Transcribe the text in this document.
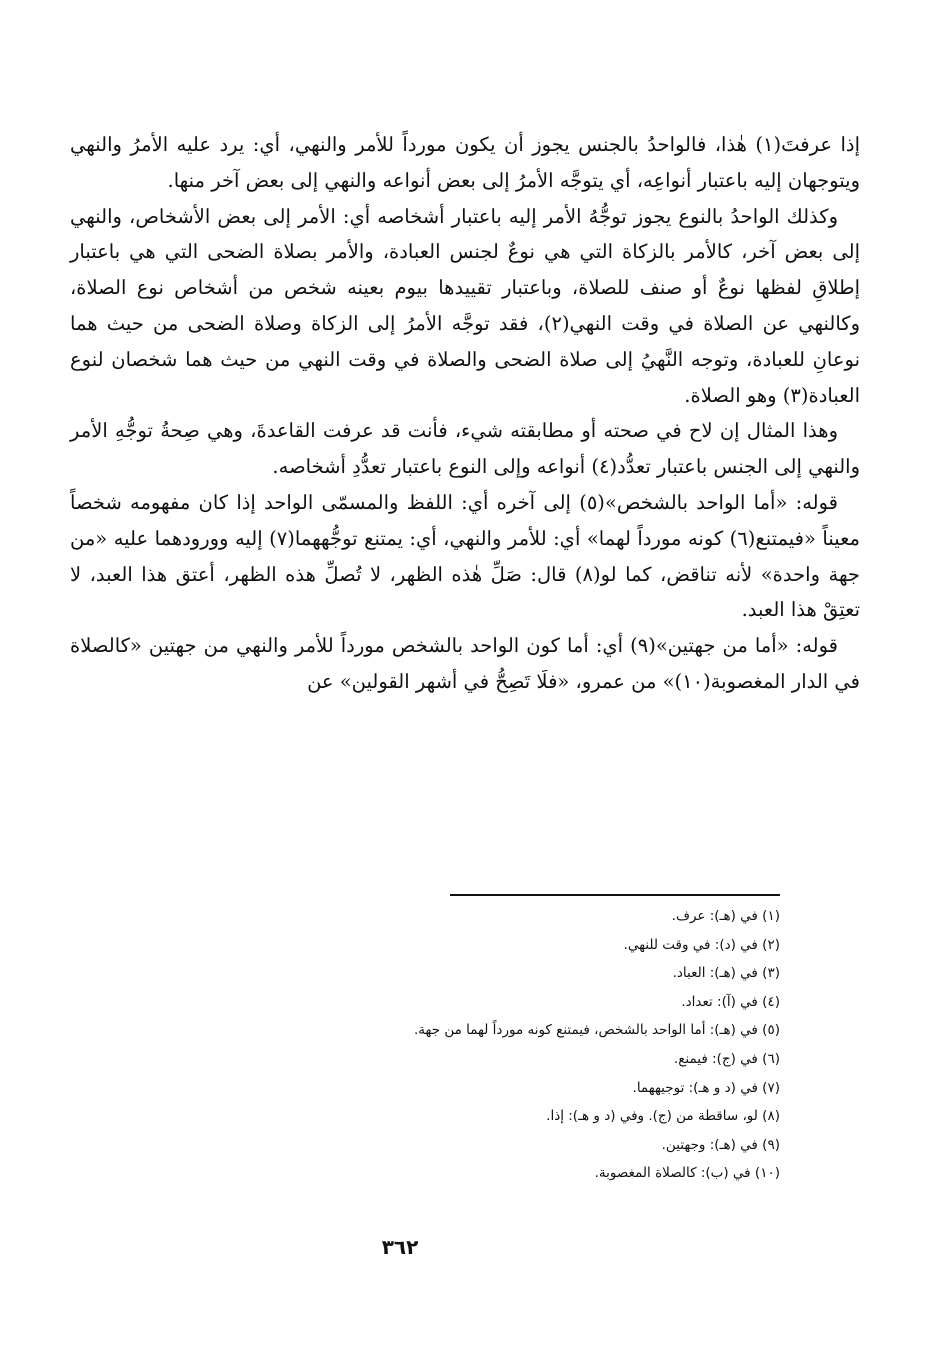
إذا عرفتَ(١) هٰذا، فالواحدُ بالجنس يجوز أن يكون مورداً للأمر والنهي، أي: يرد عليه الأمرُ والنهي ويتوجهان إليه باعتبار أنواعِه، أي يتوجَّه الأمرُ إلى بعض أنواعه والنهي إلى بعض آخر منها.

وكذلك الواحدُ بالنوع يجوز توجُّهُ الأمر إليه باعتبار أشخاصه أي: الأمر إلى بعض الأشخاص، والنهي إلى بعض آخر، كالأمر بالزكاة التي هي نوعٌ لجنس العبادة، والأمر بصلاة الضحى التي هي باعتبار إطلاقِ لفظها نوعٌ أو صنف للصلاة، وباعتبار تقييدها بيوم بعينه شخص من أشخاص نوع الصلاة، وكالنهي عن الصلاة في وقت النهي(٢)، فقد توجَّه الأمرُ إلى الزكاة وصلاة الضحى من حيث هما نوعانِ للعبادة، وتوجه النَّهيُ إلى صلاة الضحى والصلاة في وقت النهي من حيث هما شخصان لنوع العبادة(٣) وهو الصلاة.

وهذا المثال إن لاح في صحته أو مطابقته شيء، فأنت قد عرفت القاعدةَ، وهي صِحةُ توجُّهِ الأمر والنهي إلى الجنس باعتبار تعدُّد(٤) أنواعه وإلى النوع باعتبار تعدُّدِ أشخاصه.

قوله: «أما الواحد بالشخص»(٥) إلى آخره أي: اللفظ والمسمّى الواحد إذا كان مفهومه شخصاً معيناً «فيمتنع(٦) كونه مورداً لهما» أي: للأمر والنهي، أي: يمتنع توجُّههما(٧) إليه وورودهما عليه «من جهة واحدة» لأنه تناقض، كما لو(٨) قال: صَلِّ هٰذه الظهر، لا تُصلِّ هذه الظهر، أعتق هذا العبد، لا تعتِقْ هذا العبد.

قوله: «أما من جهتين»(٩) أي: أما كون الواحد بالشخص مورداً للأمر والنهي من جهتين «كالصلاة في الدار المغصوبة(١٠)» من عمرو، «فلَا تَصِحُّ في أشهر القولين» عن

(١) في (هـ): عرف.
(٢) في (د): في وقت للنهي.
(٣) في (هـ): العباد.
(٤) في (آ): تعداد.
(٥) في (هـ): أما الواحد بالشخص، فيمتنع كونه مورداً لهما من جهة.
(٦) في (ج): فيمنع.
(٧) في (د و هـ): توجيههما.
(٨) لو، ساقطة من (ج). وفي (د و هـ): إذا.
(٩) في (هـ): وجهتين.
(١٠) في (ب): كالصلاة المغصوبة.
٣٦٢
